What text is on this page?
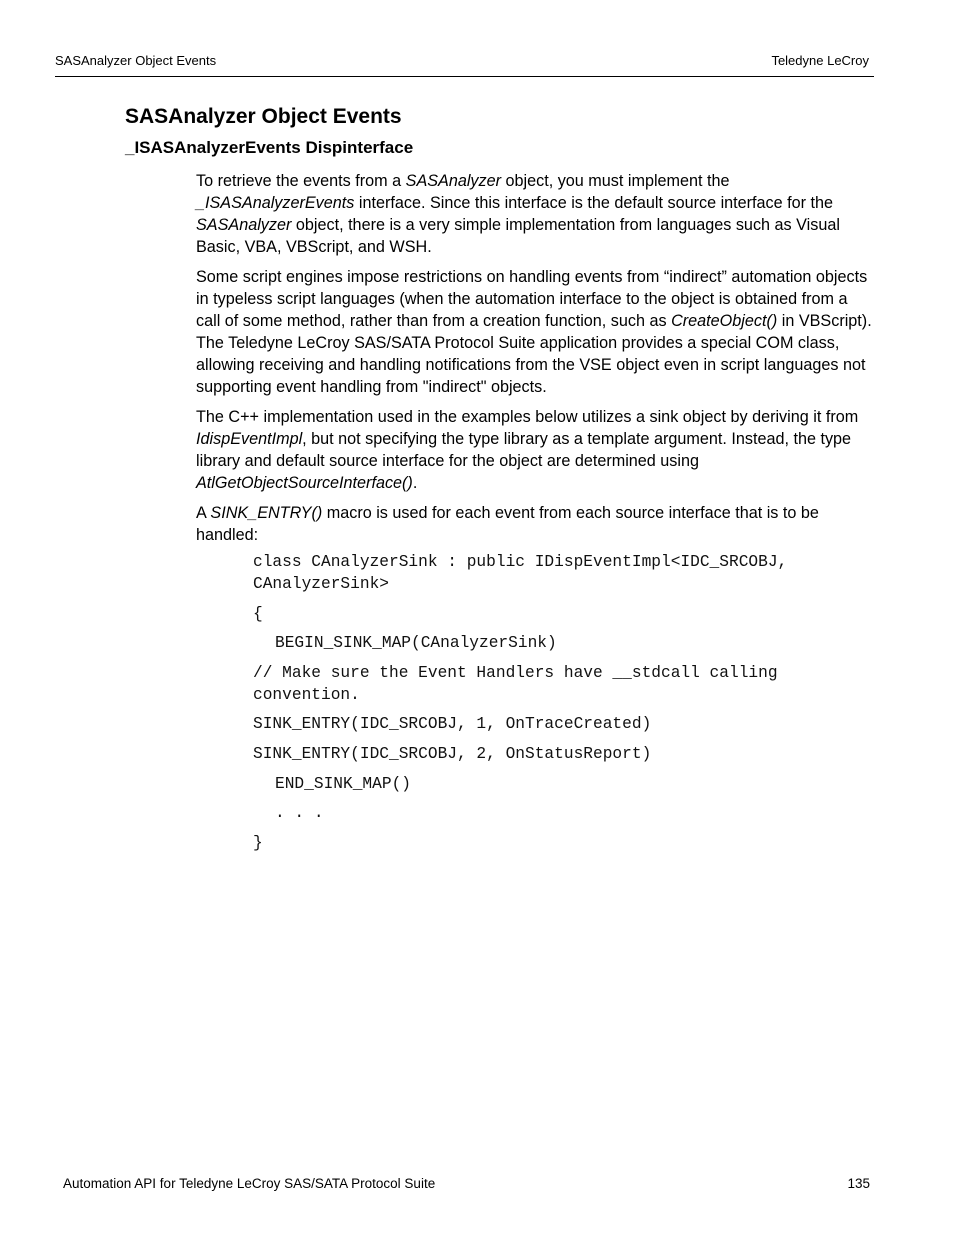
SASAnalyzer Object Events	Teledyne LeCroy
SASAnalyzer Object Events
_ISASAnalyzerEvents Dispinterface

To retrieve the events from a SASAnalyzer object, you must implement the _ISASAnalyzerEvents interface. Since this interface is the default source interface for the SASAnalyzer object, there is a very simple implementation from languages such as Visual Basic, VBA, VBScript, and WSH.

Some script engines impose restrictions on handling events from “indirect” automation objects in typeless script languages (when the automation interface to the object is obtained from a call of some method, rather than from a creation function, such as CreateObject() in VBScript). The Teledyne LeCroy SAS/SATA Protocol Suite application provides a special COM class, allowing receiving and handling notifications from the VSE object even in script languages not supporting event handling from "indirect" objects.

The C++ implementation used in the examples below utilizes a sink object by deriving it from IdispEventImpl, but not specifying the type library as a template argument. Instead, the type library and default source interface for the object are determined using AtlGetObjectSourceInterface().

A SINK_ENTRY() macro is used for each event from each source interface that is to be handled:

class CAnalyzerSink : public IDispEventImpl<IDC_SRCOBJ, CAnalyzerSink>
{
BEGIN_SINK_MAP(CAnalyzerSink)
// Make sure the Event Handlers have __stdcall calling convention.
SINK_ENTRY(IDC_SRCOBJ, 1, OnTraceCreated)
SINK_ENTRY(IDC_SRCOBJ, 2, OnStatusReport)
END_SINK_MAP()
. . .
}
Automation API for Teledyne LeCroy SAS/SATA Protocol Suite	135
